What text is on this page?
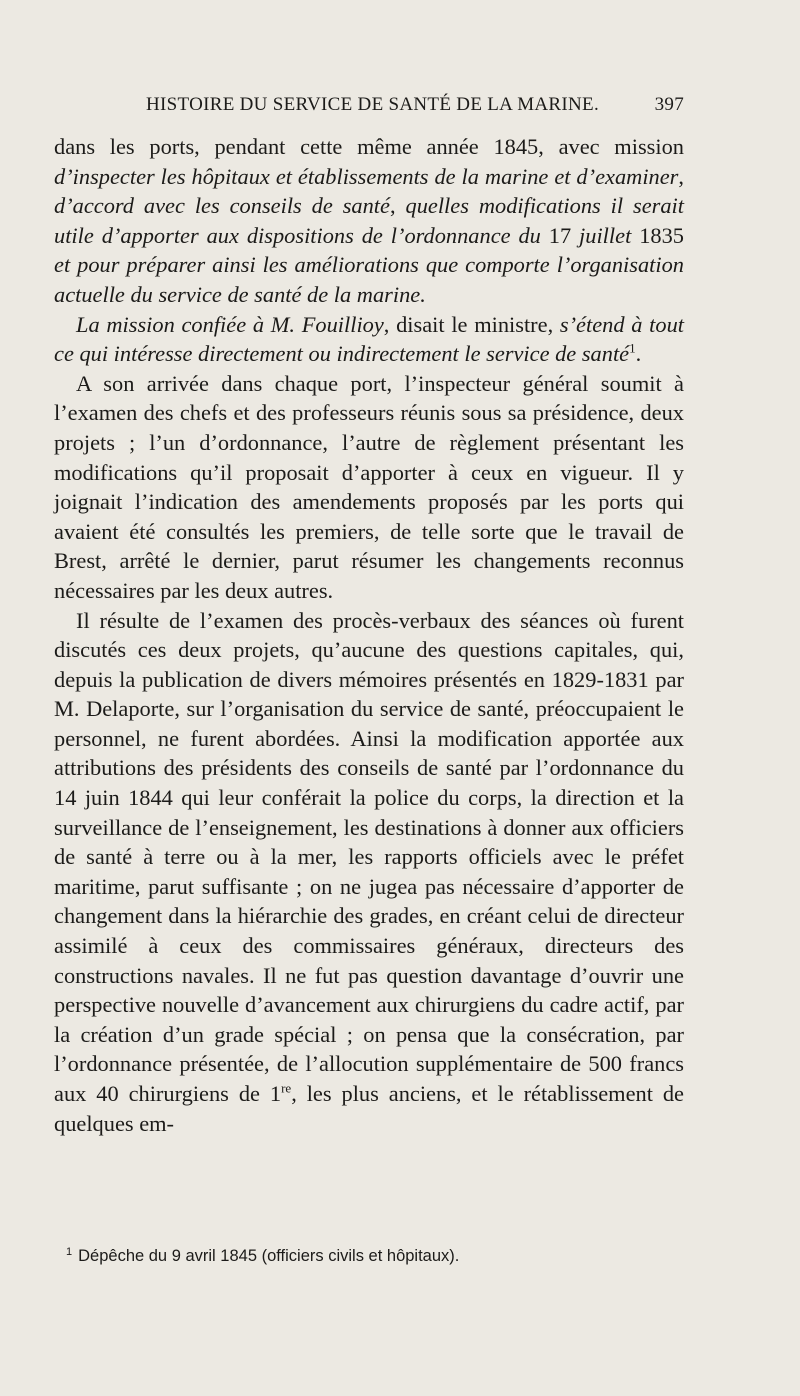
HISTOIRE DU SERVICE DE SANTÉ DE LA MARINE.	397

dans les ports, pendant cette même année 1845, avec mission d’inspecter les hôpitaux et établissements de la marine et d’examiner, d’accord avec les conseils de santé, quelles modifications il serait utile d’apporter aux dispositions de l’ordonnance du 17 juillet 1835 et pour préparer ainsi les améliorations que comporte l’organisation actuelle du service de santé de la marine.

La mission confiée à M. Fouillioy, disait le ministre, s’étend à tout ce qui intéresse directement ou indirectement le service de santé$^1$.

A son arrivée dans chaque port, l’inspecteur général soumit à l’examen des chefs et des professeurs réunis sous sa présidence, deux projets ; l’un d’ordonnance, l’autre de règlement présentant les modifications qu’il proposait d’apporter à ceux en vigueur. Il y joignait l’indication des amendements proposés par les ports qui avaient été consultés les premiers, de telle sorte que le travail de Brest, arrêté le dernier, parut résumer les changements reconnus nécessaires par les deux autres.

Il résulte de l’examen des procès-verbaux des séances où furent discutés ces deux projets, qu’aucune des questions capitales, qui, depuis la publication de divers mémoires présentés en 1829-1831 par M. Delaporte, sur l’organisation du service de santé, préoccupaient le personnel, ne furent abordées. Ainsi la modification apportée aux attributions des présidents des conseils de santé par l’ordonnance du 14 juin 1844 qui leur conférait la police du corps, la direction et la surveillance de l’enseignement, les destinations à donner aux officiers de santé à terre ou à la mer, les rapports officiels avec le préfet maritime, parut suffisante ; on ne jugea pas nécessaire d’apporter de changement dans la hiérarchie des grades, en créant celui de directeur assimilé à ceux des commissaires généraux, directeurs des constructions navales. Il ne fut pas question davantage d’ouvrir une perspective nouvelle d’avancement aux chirurgiens du cadre actif, par la création d’un grade spécial ; on pensa que la consécration, par l’ordonnance présentée, de l’allocution supplémentaire de 500 francs aux 40 chirurgiens de 1re, les plus anciens, et le rétablissement de quelques em-

$^1$ Dépêche du 9 avril 1845 (officiers civils et hôpitaux).
